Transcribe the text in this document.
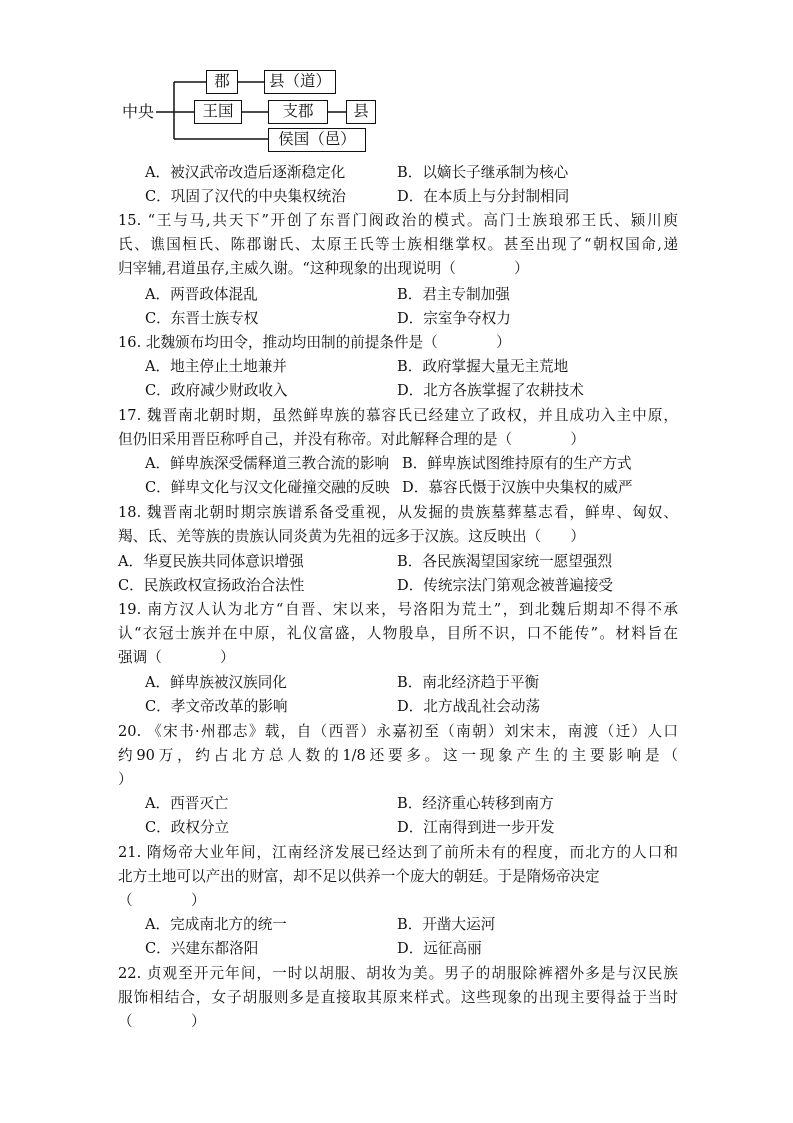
中央
郡	县（道）
王国	支郡	县
侯国（邑）
A．被汉武帝改造后逐渐稳定化	B．以嫡长子继承制为核心
C．巩固了汉代的中央集权统治	D．在本质上与分封制相同
15. “王与马,共天下”开创了东晋门阀政治的模式。高门士族琅邪王氏、颍川庾
氏、谯国桓氏、陈郡谢氏、太原王氏等士族相继掌权。甚至出现了“朝权国命,递
归宰辅,君道虽存,主威久谢。“这种现象的出现说明（　　　　）
A．两晋政体混乱	B．君主专制加强
C．东晋士族专权	D．宗室争夺权力
16. 北魏颁布均田令，推动均田制的前提条件是（　　　　）
A．地主停止土地兼并	B．政府掌握大量无主荒地
C．政府减少财政收入	D．北方各族掌握了农耕技术
17. 魏晋南北朝时期，虽然鲜卑族的慕容氏已经建立了政权，并且成功入主中原，
但仍旧采用晋臣称呼自己，并没有称帝。对此解释合理的是（　　　　）
A．鲜卑族深受儒释道三教合流的影响 B．鲜卑族试图维持原有的生产方式
C．鲜卑文化与汉文化碰撞交融的反映 D．慕容氏慑于汉族中央集权的威严
18. 魏晋南北朝时期宗族谱系备受重视，从发掘的贵族墓葬墓志看，鲜卑、匈奴、
羯、氐、羌等族的贵族认同炎黄为先祖的远多于汉族。这反映出（　　）
A．华夏民族共同体意识增强	B．各民族渴望国家统一愿望强烈
C．民族政权宣扬政治合法性	D．传统宗法门第观念被普遍接受
19. 南方汉人认为北方“自晋、宋以来，号洛阳为荒土”，到北魏后期却不得不承
认“衣冠士族并在中原，礼仪富盛，人物殷阜，目所不识，口不能传”。材料旨在
强调（　　　　）
A．鲜卑族被汉族同化	B．南北经济趋于平衡
C．孝文帝改革的影响	D．北方战乱社会动荡
20. 《宋书·州郡志》载，自（西晋）永嘉初至（南朝）刘宋末，南渡（迁）人口
约90万，约占北方总人数的1/8还要多。这一现象产生的主要影响是（
）
A．西晋灭亡	B．经济重心转移到南方
C．政权分立	D．江南得到进一步开发
21. 隋炀帝大业年间，江南经济发展已经达到了前所未有的程度，而北方的人口和
北方土地可以产出的财富，却不足以供养一个庞大的朝廷。于是隋炀帝决定
（　　　　）
A．完成南北方的统一	B．开凿大运河
C．兴建东都洛阳	D．远征高丽
22. 贞观至开元年间，一时以胡服、胡妆为美。男子的胡服除裤褶外多是与汉民族
服饰相结合，女子胡服则多是直接取其原来样式。这些现象的出现主要得益于当时
（　　　　）
